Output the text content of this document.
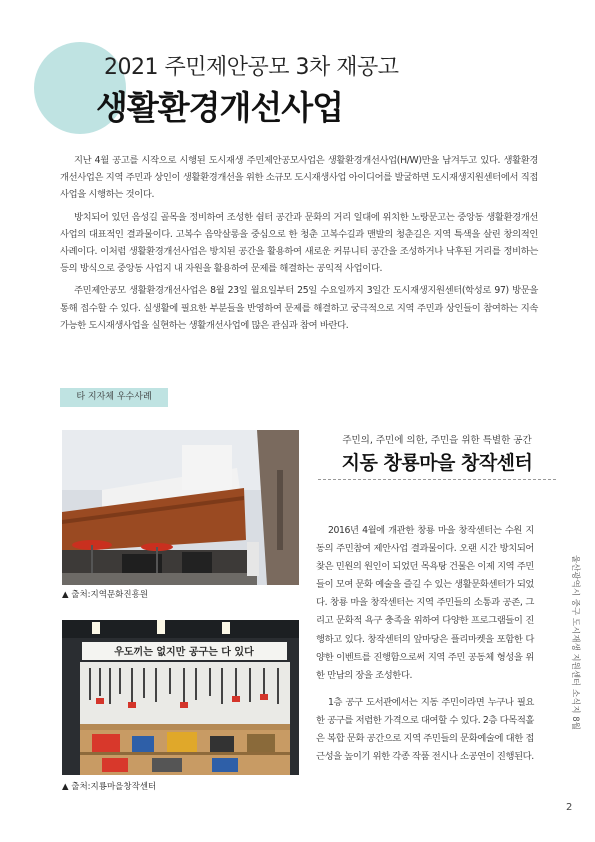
2021 주민제안공모 3차 재공고
생활환경개선사업

지난 4월 공고를 시작으로 시행된 도시재생 주민제안공모사업은 생활환경개선사업(H/W)만을 남겨두고 있다. 생활환경개선사업은 지역 주민과 상인이 생활환경개선을 위한 소규모 도시재생사업 아이디어를 발굴하면 도시재생지원센터에서 직접 사업을 시행하는 것이다.

방치되어 있던 음성길 골목을 정비하여 조성한 쉼터 공간과 문화의 거리 일대에 위치한 노랑문고는 중앙동 생활환경개선사업의 대표적인 결과물이다. 고복수 음악살롱을 중심으로 한 청춘 고복수길과 맨발의 청춘길은 지역 특색을 살린 창의적인 사례이다. 이처럼 생활환경개선사업은 방치된 공간을 활용하여 새로운 커뮤니티 공간을 조성하거나 낙후된 거리를 정비하는 등의 방식으로 중앙동 사업지 내 자원을 활용하여 문제를 해결하는 공익적 사업이다.

주민제안공모 생활환경개선사업은 8월 23일 월요일부터 25일 수요일까지 3일간 도시재생지원센터(학성로 97) 방문을 통해 접수할 수 있다. 실생활에 필요한 부분들을 반영하여 문제를 해결하고 궁극적으로 지역 주민과 상인들이 참여하는 지속가능한 도시재생사업을 실현하는 생활개선사업에 많은 관심과 참여 바란다.

타 지자체 우수사례
▲ 출처:지역문화진흥원
우도끼는 없지만 공구는 다 있다
▲ 출처:지룡마을창작센터
주민의, 주민에 의한, 주민을 위한 특별한 공간
지동 창룡마을 창작센터

2016년 4월에 개관한 창룡 마을 창작센터는 수원 지동의 주민참여 제안사업 결과물이다. 오랜 시간 방치되어 찾은 민원의 원인이 되었던 목욕탕 건물은 이제 지역 주민들이 모여 문화 예술을 즐길 수 있는 생활문화센터가 되었다. 창룡 마을 창작센터는 지역 주민들의 소통과 공존, 그리고 문화적 욕구 충족을 위하여 다양한 프로그램들이 진행하고 있다. 창작센터의 앞마당은 플리마켓을 포함한 다양한 이벤트를 진행함으로써 지역 주민 공동체 형성을 위한 만남의 장을 조성한다.

1층 공구 도서관에서는 지동 주민이라면 누구나 필요한 공구를 저렴한 가격으로 대여할 수 있다. 2층 다목적홀은 복합 문화 공간으로 지역 주민들의 문화예술에 대한 접근성을 높이기 위한 각종 작품 전시나 소공연이 진행된다.

울산광역시 중구 도시재생 지원센터 소식지 8월
2
